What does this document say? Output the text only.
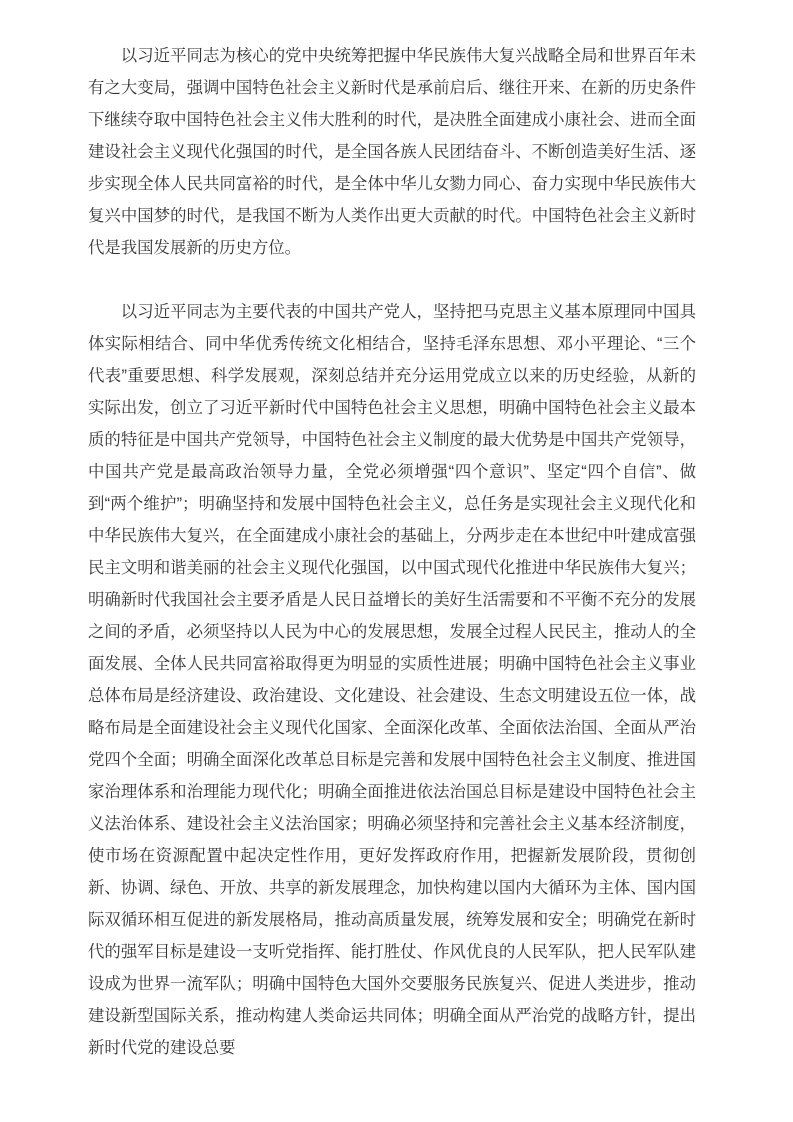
以习近平同志为核心的党中央统筹把握中华民族伟大复兴战略全局和世界百年未有之大变局，强调中国特色社会主义新时代是承前启后、继往开来、在新的历史条件下继续夺取中国特色社会主义伟大胜利的时代，是决胜全面建成小康社会、进而全面建设社会主义现代化强国的时代，是全国各族人民团结奋斗、不断创造美好生活、逐步实现全体人民共同富裕的时代，是全体中华儿女勠力同心、奋力实现中华民族伟大复兴中国梦的时代，是我国不断为人类作出更大贡献的时代。中国特色社会主义新时代是我国发展新的历史方位。

以习近平同志为主要代表的中国共产党人，坚持把马克思主义基本原理同中国具体实际相结合、同中华优秀传统文化相结合，坚持毛泽东思想、邓小平理论、“三个代表”重要思想、科学发展观，深刻总结并充分运用党成立以来的历史经验，从新的实际出发，创立了习近平新时代中国特色社会主义思想，明确中国特色社会主义最本质的特征是中国共产党领导，中国特色社会主义制度的最大优势是中国共产党领导，中国共产党是最高政治领导力量，全党必须增强“四个意识”、坚定“四个自信”、做到“两个维护”；明确坚持和发展中国特色社会主义，总任务是实现社会主义现代化和中华民族伟大复兴，在全面建成小康社会的基础上，分两步走在本世纪中叶建成富强民主文明和谐美丽的社会主义现代化强国，以中国式现代化推进中华民族伟大复兴；明确新时代我国社会主要矛盾是人民日益增长的美好生活需要和不平衡不充分的发展之间的矛盾，必须坚持以人民为中心的发展思想，发展全过程人民民主，推动人的全面发展、全体人民共同富裕取得更为明显的实质性进展；明确中国特色社会主义事业总体布局是经济建设、政治建设、文化建设、社会建设、生态文明建设五位一体，战略布局是全面建设社会主义现代化国家、全面深化改革、全面依法治国、全面从严治党四个全面；明确全面深化改革总目标是完善和发展中国特色社会主义制度、推进国家治理体系和治理能力现代化；明确全面推进依法治国总目标是建设中国特色社会主义法治体系、建设社会主义法治国家；明确必须坚持和完善社会主义基本经济制度，使市场在资源配置中起决定性作用，更好发挥政府作用，把握新发展阶段，贯彻创新、协调、绿色、开放、共享的新发展理念，加快构建以国内大循环为主体、国内国际双循环相互促进的新发展格局，推动高质量发展，统筹发展和安全；明确党在新时代的强军目标是建设一支听党指挥、能打胜仗、作风优良的人民军队，把人民军队建设成为世界一流军队；明确中国特色大国外交要服务民族复兴、促进人类进步，推动建设新型国际关系，推动构建人类命运共同体；明确全面从严治党的战略方针，提出新时代党的建设总要
